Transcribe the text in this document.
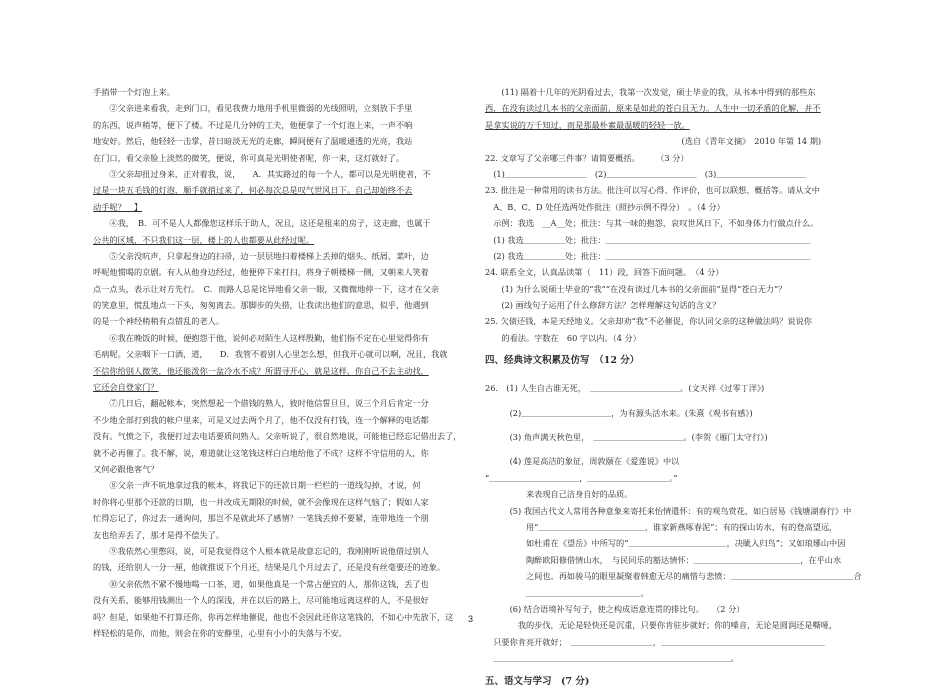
手捎带一个灯泡上来。
　　②父亲进来看我，走到门口，看见我费力地用手机里微弱的光线照明，立刻放下手里
的东西，说声稍等，便下了楼。不过是几分钟的工夫，他便拿了一个灯泡上来，一声不响
地安好。然后，他轻轻一击掌，昔日暗淡无光的走廊，瞬间便有了温暖通透的光亮，我站
在门口，看父亲脸上淡然的微笑，便说，你可真是光明使者呢，你一来，这灯就好了。
　　③父亲却扭过身来，正对着我，说，　　A．其实路过的每一个人，都可以是光明使者，不
过是一块五毛钱的灯泡，顺手就捎过来了，何必每次总是叹气世风日下。自己却始终不去
动手呢？　】
　　④我，　B．可不是人人都像您这样乐于助人，况且，这还是租来的房子，这走廊，也属于
公共的区域，不只我们这一层，楼上的人也都要从此经过呢。
　　⑤父亲没吭声，只拿起身边的扫帚，边一层层地扫着楼梯上丢掉的烟头、纸屑、菜叶，边
呼呢他惯喝的京剧。有人从他身边经过，他便停下来打扫，将身子朝楼梯一侧，又朝来人笑着
点一点头，表示让对方先行。　C．而路人总是诧异地看父亲一眼，又微微地停一下，这才在父亲
的笑意里，慌乱地点一下头，匆匆离去。那脚步的失措，让我读出他们的意思，似乎，他遇到
的是一个神经稍稍有点错乱的老人。
　　⑥我在晚饭的时候，便抱怨于他，说何必对陌生人这样殷勤，他们指不定在心里觉得你有
毛病呢。父亲咽下一口酒，道，　　D．我管不着别人心里怎么想，但我开心就可以啊，况且，我就
不信你给别人微笑，他还能泼你一盆冷水不成？所谓寻开心，就是这样，你自己不去主动找，
它还会自登家门？
　　⑦几日后，翻起帐本，突然想起一个借钱的熟人，彼时他信誓旦旦，说三个月后肯定一分
不少地全部打到我的帐户里来，可是又过去两个月了，他不仅没有打钱，连一个解释的电话都
没有。气愤之下，我便打过去电话要质问熟人。父亲听说了，很自然地说，可能他已经忘记借出去了，
就不必再催了。我不解，说，难道就让这笔钱这样白白地给他了不成？这样不守信用的人，你
又何必跟他客气？
　　⑧父亲一声不吭地拿过我的帐本，将我记下的还款日期一栏栏的一道线勾掉，才说，何
时你将心里那个还款的日期，也一并改成无期限的时候，就不会像现在这样气恼了；假如人家
忙得忘记了，你过去一通询问，那岂不是就此坏了感情？一笔钱丢掉不要紧，连带地连一个朋
友也给弄丢了，那才是得不偿失了。
　　⑨我依然心里憋闷，说，可是我觉得这个人根本就是故意忘记的，我刚刚听说他借过别人
的钱，还给别人一分一厘，他就推说下个月还，结果是几个月过去了，还是没有丝毫要还的迹象。
　　⑩父亲依然不紧不慢地喝一口茶，道，如果他真是一个常占便宜的人，那你这钱，丢了也
没有关系，能够用钱测出一个人的深浅，并在以后的路上，尽可能地远离这样的人，不是很好
吗？但是，如果他不打算还你，你再怎样地催促，他也不会因此还你这笔钱的，不如心中先放下，这
样轻松的是你，而他，则会在你的安静里，心里有小小的失落与不安。
　　(11) 隔着十几年的光阴看过去，我第一次发觉，硕士毕业的我，从书本中得到的那些东
西，在没有读过几本书的父亲面前，原来是如此的苍白且无力。人生中一切矛盾的化解，并不
是拿实说的万千知过，而是那最朴素最温暖的轻轻一放。
　　　　　　　　　　　　　　　　　　　　　　　　(选自《青年文摘》　2010 年第 14 期)
22. 文章写了父亲哪三件事？请简要概括。　　　（3 分）
　(1)＿＿＿＿＿＿＿＿＿＿　(2)＿＿＿＿＿＿＿＿＿＿＿　(3)＿＿＿＿＿＿＿＿＿＿＿
23. 批注是一种常用的读书方法。批注可以写心得、作评价，也可以联想、概括等。请从文中
　A、B、C、D 处任选两处作批注（照抄示例不得分）　。（4 分）
　示例：我选　__A__处；批注：与其一味的抱怨，哀叹世风日下，不如身体力行做点什么。
　(1) 我选＿＿＿＿＿处；批注：＿＿＿＿＿＿＿＿＿＿＿＿＿＿＿＿＿＿＿＿＿＿＿＿＿
　(2) 我选＿＿＿＿＿处；批注：＿＿＿＿＿＿＿＿＿＿＿＿＿＿＿＿＿＿＿＿＿＿＿＿＿
24. 联系全文，认真品读第（　11）段，回答下面问题。　（4 分）
　　(1) 为什么说硕士毕业的“我”“在没有读过几本书的父亲面前”显得“苍白无力”？
　　(2) 画线句子运用了什么修辞方法？怎样理解这句话的含义？
25. 欠债还钱，本是天经地义。父亲却劝“我”不必催促，你认同父亲的这种做法吗？说说你
　　的看法。字数在　60 字以内。（4 分）
四、经典诗文积累及仿写　（12 分）
26.　(1) 人生自古谁无死，　＿＿＿＿＿＿＿＿＿＿＿。(文天祥《过零丁洋》)
　　　(2)＿＿＿＿＿＿＿＿＿＿＿，为有源头活水来。(朱熹《观书有感》)
　　　(3) 角声满天秋色里，　＿＿＿＿＿＿＿＿＿＿＿。(李贺《雁门太守行》)
　　　(4) 莲是高洁的象征，周敦颐在《爱莲说》中以
“＿＿＿＿＿＿＿＿＿＿＿，＿＿＿＿＿＿＿＿＿＿。”
　　　　　来表现自己洁身自好的品质。
　　　(5) 我国古代文人常用各种意象来寄托来怡情遣怀：有的观鸟赏花，如白居易《钱塘湖春行》中
　　　　　用“＿＿＿＿＿＿＿＿＿＿＿＿＿，谁家新燕啄春泥”；有的探山访水，有的登高望远，
　　　　　如杜甫在《望岳》中所写的“＿＿＿＿＿＿＿＿＿＿＿＿，决眦入归鸟”；又如琅琊山中因
　　　　　陶醉欧阳修借情山水，　与民同乐的豁达情怀：＿＿＿＿＿＿＿＿＿＿＿＿＿，在乎山水
　　　　　之间也。再如骏马的眼里凝聚着韩愈无尽的痛惜与悲愤：＿＿＿＿＿＿＿＿＿＿＿＿＿＿＿合
　　　　　＿＿＿＿＿＿＿＿＿＿＿＿＿＿。
　　　(6) 结合语境补写句子，使之构成语意连贯的排比句。　　（2 分）
　　　　我的步伐，无论是轻快还是沉重，只要你肯驻步就好；你的嗓音，无论是圆润还是嘶哑，
　只要你肯亮开就好；　＿＿＿＿＿＿＿＿＿＿，＿＿＿＿＿＿＿＿＿＿＿＿＿＿＿＿＿＿＿＿
　＿＿＿＿＿＿＿＿＿＿＿＿＿＿＿＿＿＿＿＿＿＿＿＿＿＿＿＿＿。
五、语文与学习　(7 分)
3
